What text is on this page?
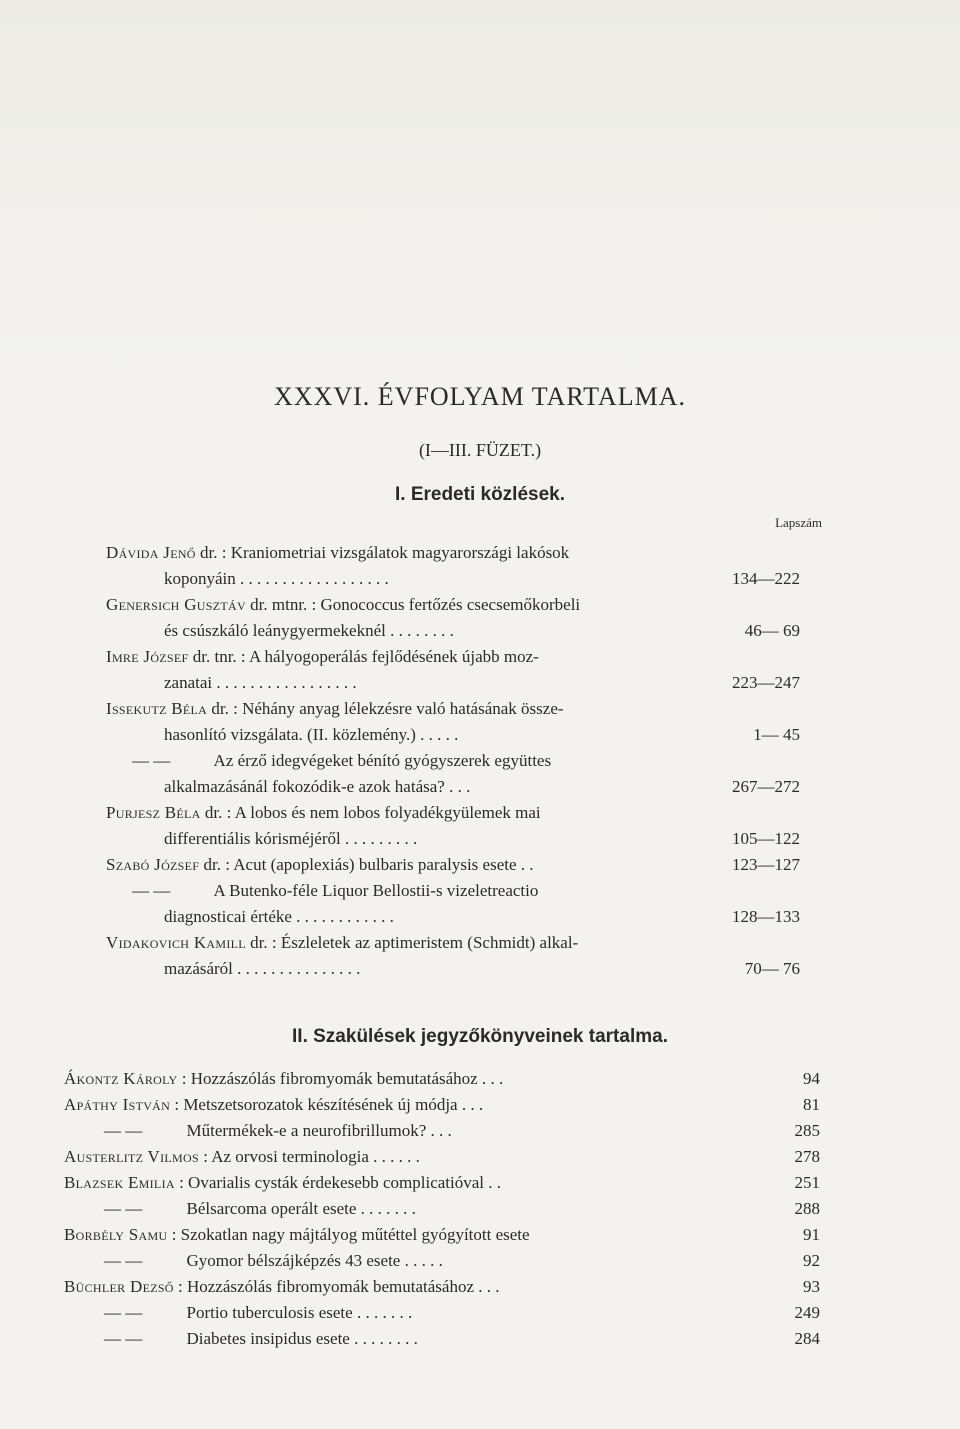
XXXVI. ÉVFOLYAM TARTALMA.
(I—III. FÜZET.)
I. Eredeti közlések.
Lapszám
Dávida Jenő dr. : Kraniometriai vizsgálatok magyarországi lakósok
koponyáin . . . . . . . . . . . . . . . . . .	134—222
Genersich Gusztáv dr. mtnr. : Gonococcus fertőzés csecsemőkorbeli
és csúszkáló leánygyermekeknél . . . . . . . .	46— 69
Imre József dr. tnr. : A hályogoperálás fejlődésének újabb moz-
zanatai . . . . . . . . . . . . . . . . .	223—247
Issekutz Béla dr. : Néhány anyag lélekzésre való hatásának össze-
hasonlító vizsgálata. (II. közlemény.) . . . . .	1— 45
— — Az érző idegvégeket bénító gyógyszerek együttes
alkalmazásánál fokozódik-e azok hatása? . . .	267—272
Purjesz Béla dr. : A lobos és nem lobos folyadékgyülemek mai
differentiális kórisméjéről . . . . . . . . .	105—122
Szabó József dr. : Acut (apoplexiás) bulbaris paralysis esete . .	123—127
— — A Butenko-féle Liquor Bellostii-s vizeletreactio
diagnosticai értéke . . . . . . . . . . . .	128—133
Vidakovich Kamill dr. : Észleletek az aptimeristem (Schmidt) alkal-
mazásáról . . . . . . . . . . . . . . .	70— 76
II. Szakülések jegyzőkönyveinek tartalma.
Ákontz Károly : Hozzászólás fibromyomák bemutatásához . . .	94
Apáthy István : Metszetsorozatok készítésének új módja . . .	81
— — Műtermékek-e a neurofibrillumok? . . .	285
Austerlitz Vilmos : Az orvosi terminologia . . . . . .	278
Blazsek Emilia : Ovarialis cysták érdekesebb complicatióval . .	251
— — Bélsarcoma operált esete . . . . . . .	288
Borbély Samu : Szokatlan nagy májtályog műtéttel gyógyított esete	91
— — Gyomor bélszájképzés 43 esete . . . . .	92
Büchler Dezső : Hozzászólás fibromyomák bemutatásához . . .	93
— — Portio tuberculosis esete . . . . . . .	249
— — Diabetes insipidus esete . . . . . . . .	284
